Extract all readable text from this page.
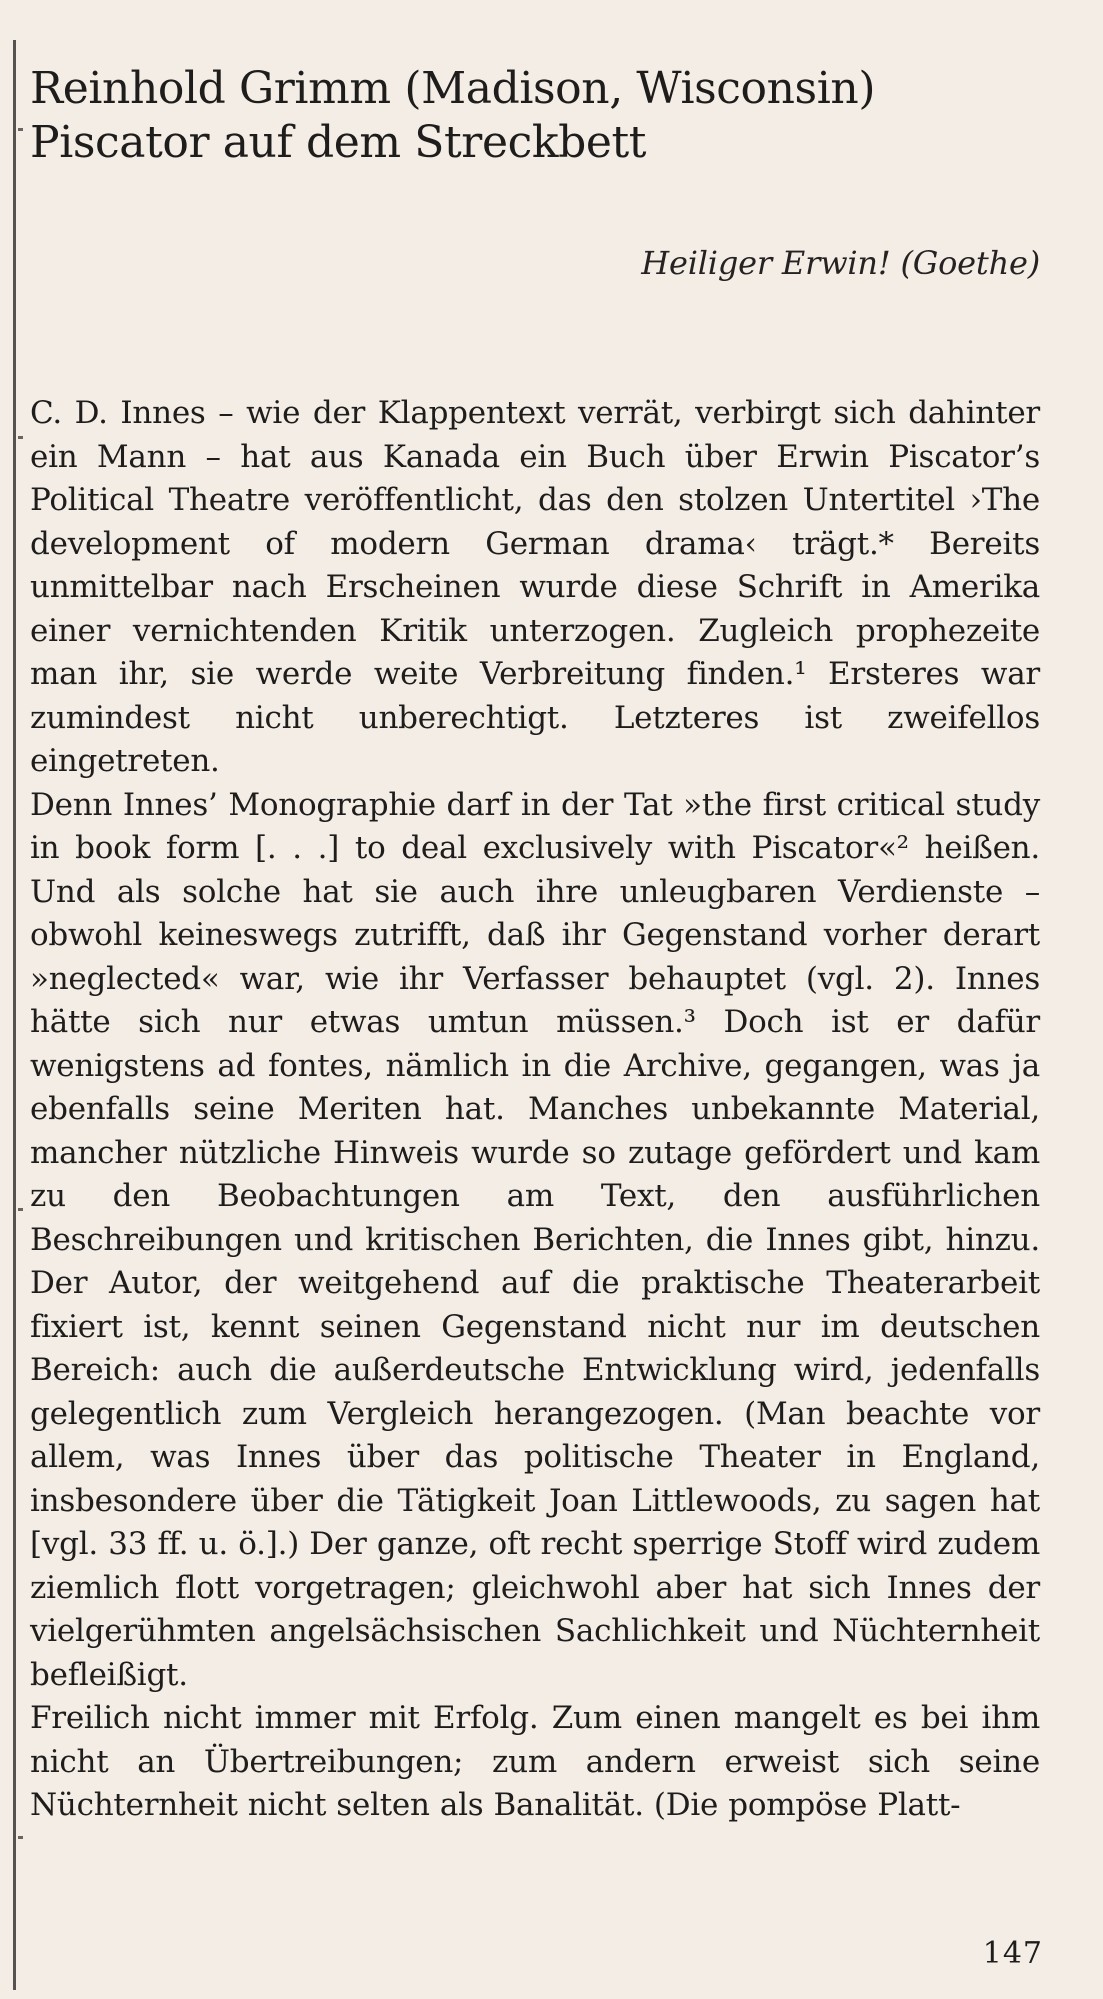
Reinhold Grimm (Madison, Wisconsin)
Piscator auf dem Streckbett
Heiliger Erwin! (Goethe)

C. D. Innes – wie der Klappentext verrät, verbirgt sich dahinter ein Mann – hat aus Kanada ein Buch über Erwin Piscator’s Political Theatre veröffentlicht, das den stolzen Untertitel ›The development of modern German drama‹ trägt.* Bereits unmittelbar nach Erscheinen wurde diese Schrift in Amerika einer vernichtenden Kritik unterzogen. Zugleich prophezeite man ihr, sie werde weite Verbreitung finden.¹ Ersteres war zumindest nicht unberechtigt. Letzteres ist zweifellos eingetreten.

Denn Innes’ Monographie darf in der Tat »the first critical study in book form [. . .] to deal exclusively with Piscator«² heißen. Und als solche hat sie auch ihre unleugbaren Verdienste – obwohl keineswegs zutrifft, daß ihr Gegenstand vorher derart »neglected« war, wie ihr Verfasser behauptet (vgl. 2). Innes hätte sich nur etwas umtun müssen.³ Doch ist er dafür wenigstens ad fontes, nämlich in die Archive, gegangen, was ja ebenfalls seine Meriten hat. Manches unbekannte Material, mancher nützliche Hinweis wurde so zutage gefördert und kam zu den Beobachtungen am Text, den ausführlichen Beschreibungen und kritischen Berichten, die Innes gibt, hinzu. Der Autor, der weitgehend auf die praktische Theaterarbeit fixiert ist, kennt seinen Gegenstand nicht nur im deutschen Bereich: auch die außerdeutsche Entwicklung wird, jedenfalls gelegentlich zum Vergleich herangezogen. (Man beachte vor allem, was Innes über das politische Theater in England, insbesondere über die Tätigkeit Joan Littlewoods, zu sagen hat [vgl. 33 ff. u. ö.].) Der ganze, oft recht sperrige Stoff wird zudem ziemlich flott vorgetragen; gleichwohl aber hat sich Innes der vielgerühmten angelsächsischen Sachlichkeit und Nüchternheit befleißigt.

Freilich nicht immer mit Erfolg. Zum einen mangelt es bei ihm nicht an Übertreibungen; zum andern erweist sich seine Nüchternheit nicht selten als Banalität. (Die pompöse Platt-

147
